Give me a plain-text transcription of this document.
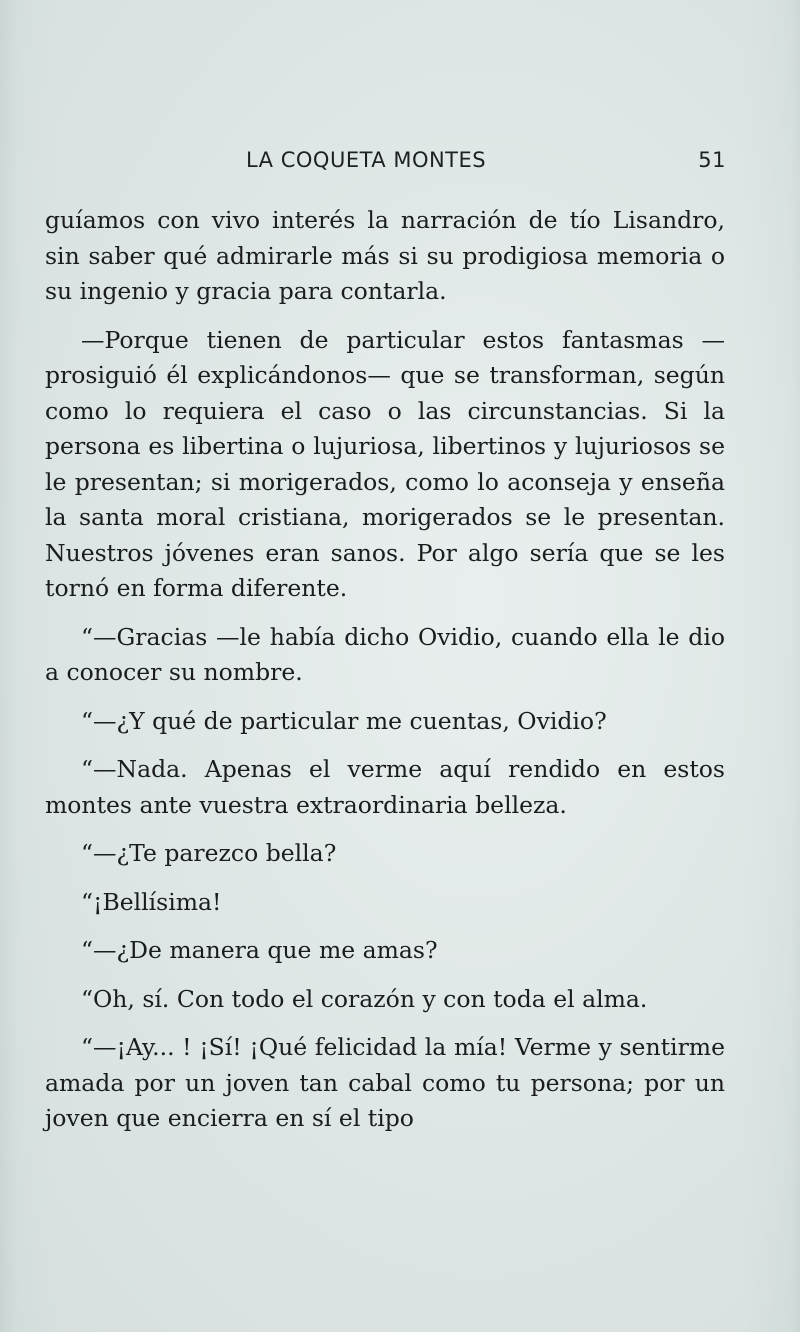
LA COQUETA MONTES	51

guíamos con vivo interés la narración de tío Lisandro, sin saber qué admirarle más si su prodigiosa memoria o su ingenio y gracia para contarla.

—Porque tienen de particular estos fantasmas —prosiguió él explicándonos— que se transforman, según como lo requiera el caso o las circunstancias. Si la persona es libertina o lujuriosa, libertinos y lujuriosos se le presentan; si morigerados, como lo aconseja y enseña la santa moral cristiana, morigerados se le presentan. Nuestros jóvenes eran sanos. Por algo sería que se les tornó en forma diferente.

“—Gracias —le había dicho Ovidio, cuando ella le dio a conocer su nombre.

“—¿Y qué de particular me cuentas, Ovidio?

“—Nada. Apenas el verme aquí rendido en estos montes ante vuestra extraordinaria belleza.

“—¿Te parezco bella?

“¡Bellísima!

“—¿De manera que me amas?

“Oh, sí. Con todo el corazón y con toda el alma.

“—¡Ay... ! ¡Sí! ¡Qué felicidad la mía! Verme y sentirme amada por un joven tan cabal como tu persona; por un joven que encierra en sí el tipo
